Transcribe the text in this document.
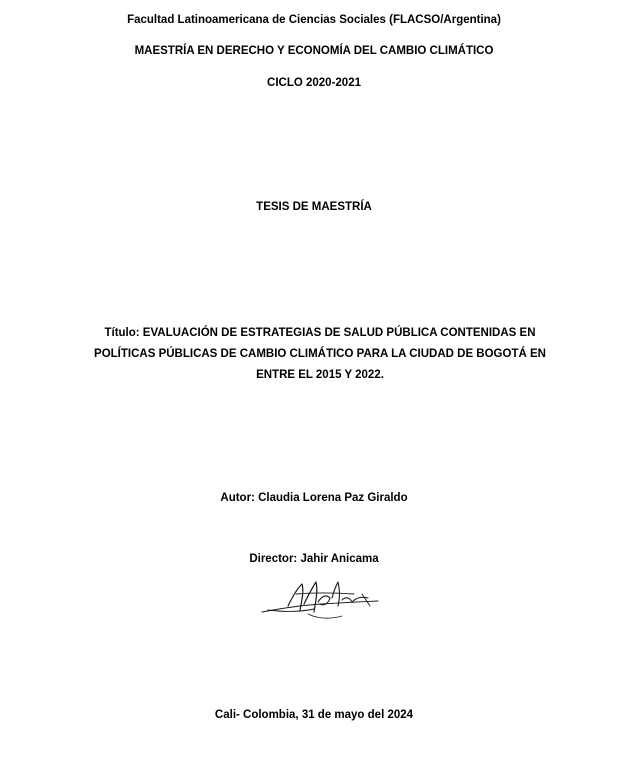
Facultad Latinoamericana de Ciencias Sociales (FLACSO/Argentina)
MAESTRÍA EN DERECHO Y ECONOMÍA DEL CAMBIO CLIMÁTICO
CICLO 2020-2021
TESIS DE MAESTRÍA
Título: EVALUACIÓN DE ESTRATEGIAS DE SALUD PÚBLICA CONTENIDAS EN
POLÍTICAS PÚBLICAS DE CAMBIO CLIMÁTICO PARA LA CIUDAD DE BOGOTÁ EN
ENTRE EL 2015 Y 2022.
Autor: Claudia Lorena Paz Giraldo
Director: Jahir Anicama
Cali- Colombia, 31 de mayo del 2024
